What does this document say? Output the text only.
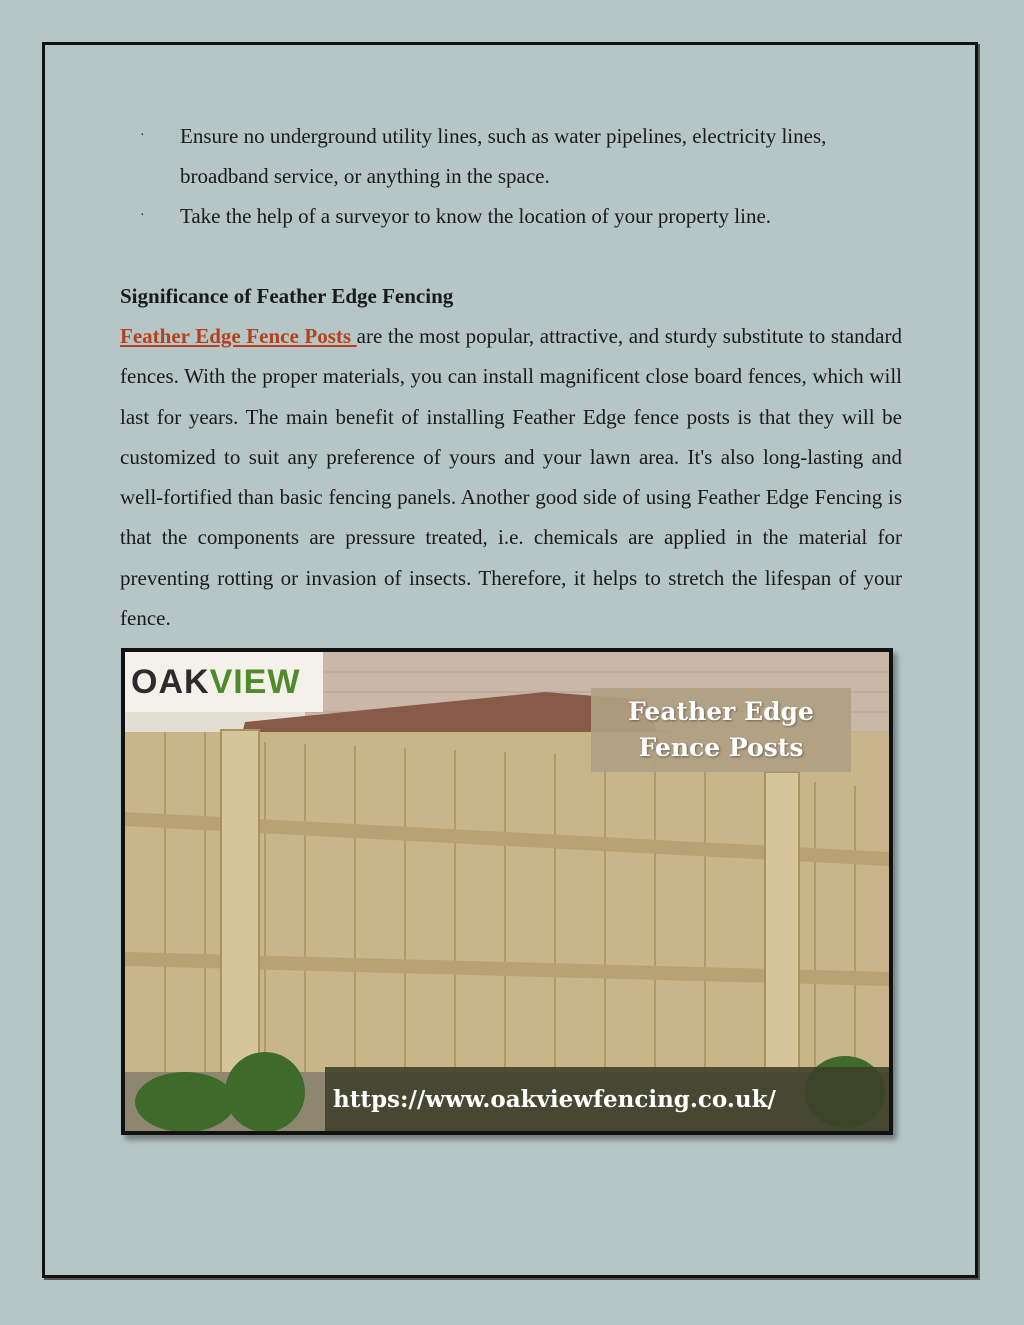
·	Ensure no underground utility lines, such as water pipelines, electricity lines, broadband service, or anything in the space.
·	Take the help of a surveyor to know the location of your property line.
Significance of Feather Edge Fencing

Feather Edge Fence Posts are the most popular, attractive, and sturdy substitute to standard fences. With the proper materials, you can install magnificent close board fences, which will last for years. The main benefit of installing Feather Edge fence posts is that they will be customized to suit any preference of yours and your lawn area. It's also long-lasting and well-fortified than basic fencing panels. Another good side of using Feather Edge Fencing is that the components are pressure treated, i.e. chemicals are applied in the material for preventing rotting or invasion of insects. Therefore, it helps to stretch the lifespan of your fence.

OAKVIEW
Feather Edge
Fence Posts
https://www.oakviewfencing.co.uk/
